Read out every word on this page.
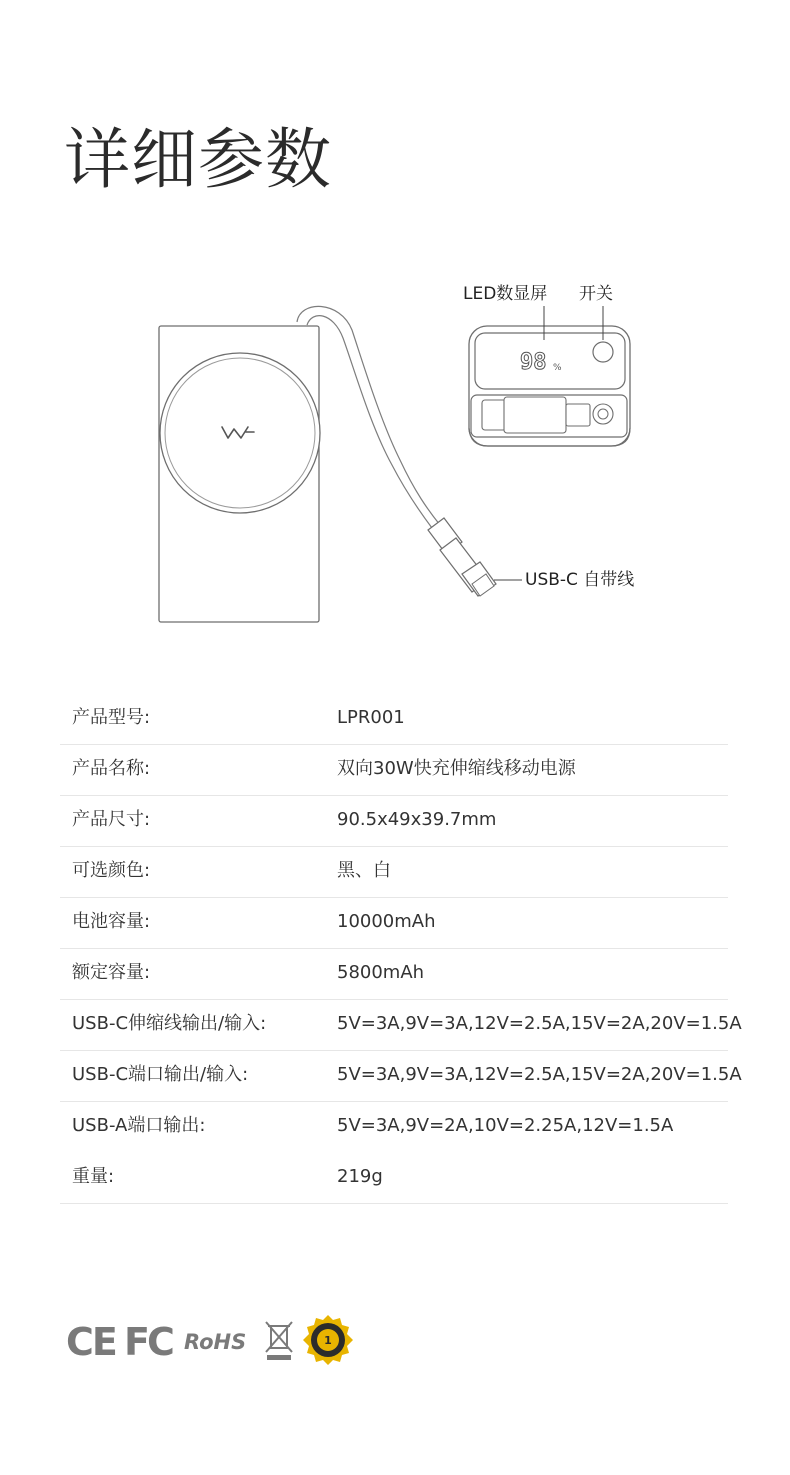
详细参数
98 %
LED数显屏 开关
USB-C 自带线
产品型号:	LPR001
产品名称:	双向30W快充伸缩线移动电源
产品尺寸:	90.5x49x39.7mm
可选颜色:	黑、白
电池容量:	10000mAh
额定容量:	5800mAh
USB-C伸缩线输出/输入:	5V=3A,9V=3A,12V=2.5A,15V=2A,20V=1.5A
USB-C端口输出/输入:	5V=3A,9V=3A,12V=2.5A,15V=2A,20V=1.5A
USB-A端口输出:	5V=3A,9V=2A,10V=2.25A,12V=1.5A
重量:	219g
CE FC RoHS	1
